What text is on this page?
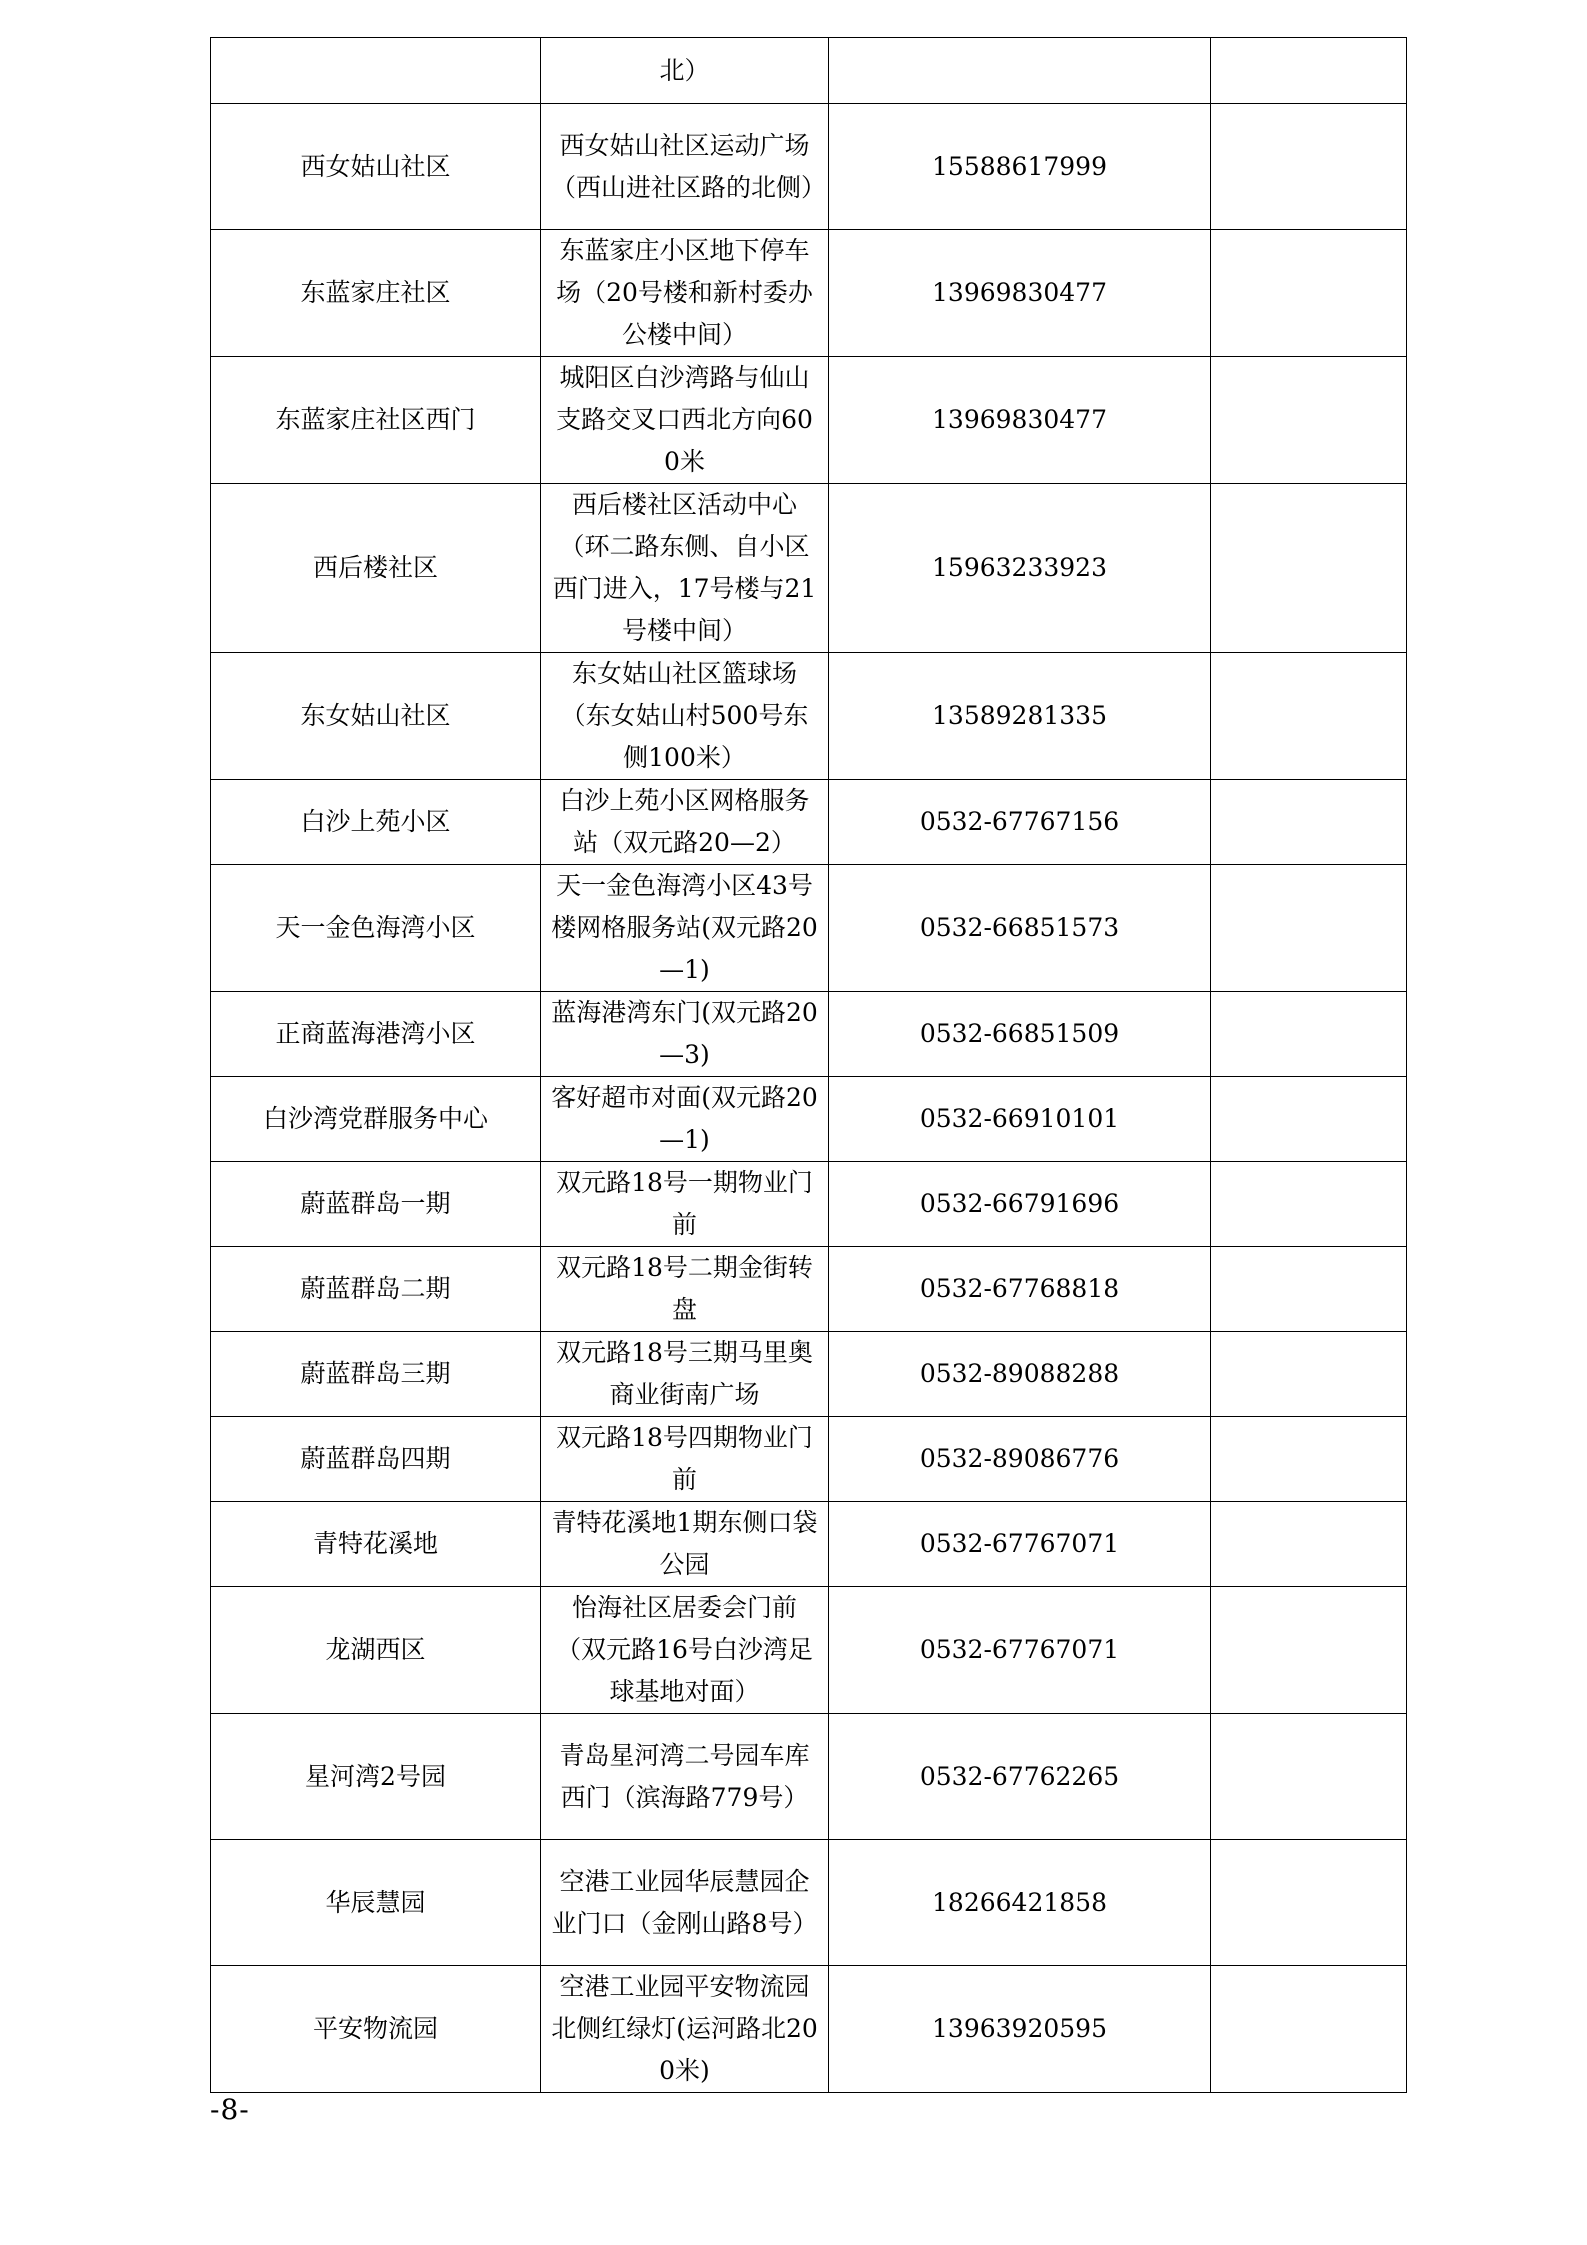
	北）		
西女姑山社区	西女姑山社区运动广场（西山进社区路的北侧）	15588617999	
东蓝家庄社区	东蓝家庄小区地下停车场（20号楼和新村委办公楼中间）	13969830477	
东蓝家庄社区西门	城阳区白沙湾路与仙山支路交叉口西北方向600米	13969830477	
西后楼社区	西后楼社区活动中心（环二路东侧、自小区西门进入，17号楼与21号楼中间）	15963233923	
东女姑山社区	东女姑山社区篮球场（东女姑山村500号东侧100米）	13589281335	
白沙上苑小区	白沙上苑小区网格服务站（双元路20—2）	0532-67767156	
天一金色海湾小区	天一金色海湾小区43号楼网格服务站(双元路20—1)	0532-66851573	
正商蓝海港湾小区	蓝海港湾东门(双元路20—3)	0532-66851509	
白沙湾党群服务中心	客好超市对面(双元路20—1)	0532-66910101	
蔚蓝群岛一期	双元路18号一期物业门前	0532-66791696	
蔚蓝群岛二期	双元路18号二期金街转盘	0532-67768818	
蔚蓝群岛三期	双元路18号三期马里奥商业街南广场	0532-89088288	
蔚蓝群岛四期	双元路18号四期物业门前	0532-89086776	
青特花溪地	青特花溪地1期东侧口袋公园	0532-67767071	
龙湖西区	怡海社区居委会门前（双元路16号白沙湾足球基地对面）	0532-67767071	
星河湾2号园	青岛星河湾二号园车库西门（滨海路779号）	0532-67762265	
华辰慧园	空港工业园华辰慧园企业门口（金刚山路8号）	18266421858	
平安物流园	空港工业园平安物流园北侧红绿灯(运河路北200米)	13963920595	
-8-
